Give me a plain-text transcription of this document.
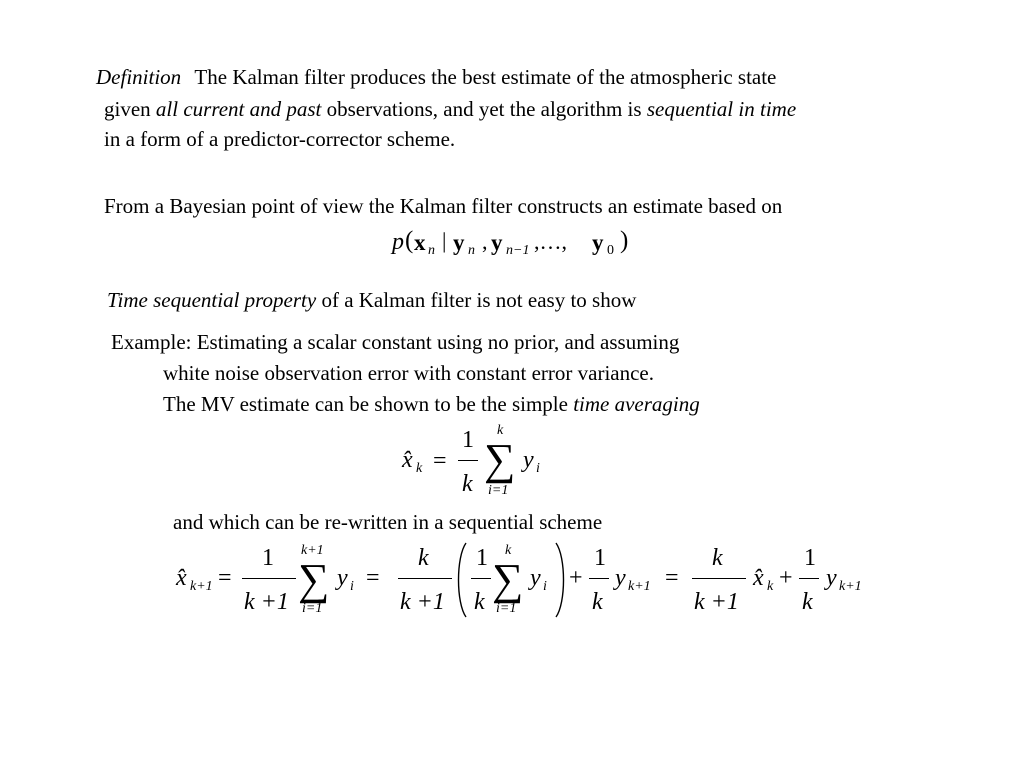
Definition The Kalman filter produces the best estimate of the atmospheric state
given all current and past observations, and yet the algorithm is sequential in time
in a form of a predictor-corrector scheme.
From a Bayesian point of view the Kalman filter constructs an estimate based on
p ( x n | y n , y n−1 ,…, y 0 )
Time sequential property of a Kalman filter is not easy to show
Example: Estimating a scalar constant using no prior, and assuming
white noise observation error with constant error variance.
The MV estimate can be shown to be the simple time averaging
x̂ k =
1
k
k
∑
i=1
y i
and which can be re-written in a sequential scheme
x̂ k+1 =
1
k +1
k+1
∑
i=1
y i =
k
k +1
1
k
k
∑
i=1
y i +
1
k
y k+1 =
k
k +1
x̂ k +
1
k
y k+1
